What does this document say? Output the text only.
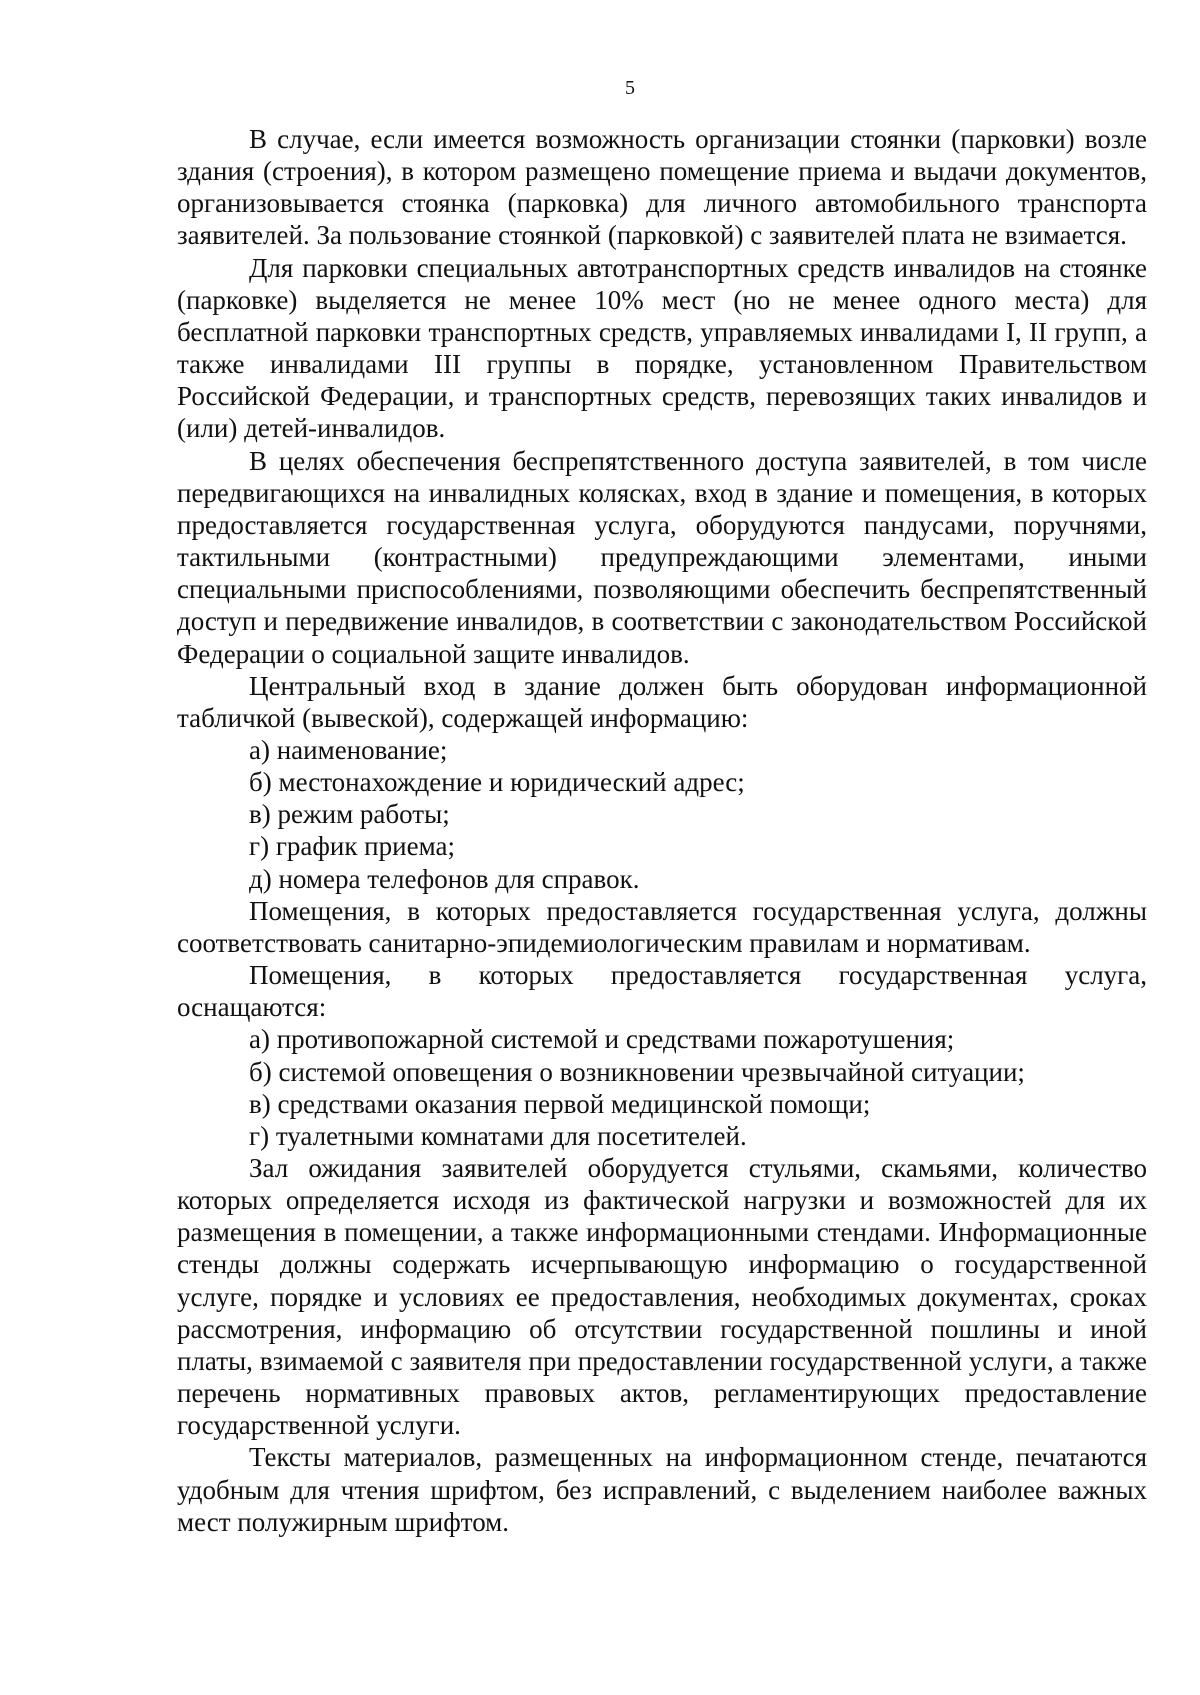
5

В случае, если имеется возможность организации стоянки (парковки) возле здания (строения), в котором размещено помещение приема и выдачи документов, организовывается стоянка (парковка) для личного автомобильного транспорта заявителей. За пользование стоянкой (парковкой) с заявителей плата не взимается.

Для парковки специальных автотранспортных средств инвалидов на стоянке (парковке) выделяется не менее 10% мест (но не менее одного места) для бесплатной парковки транспортных средств, управляемых инвалидами I, II групп, а также инвалидами III группы в порядке, установленном Правительством Российской Федерации, и транспортных средств, перевозящих таких инвалидов и (или) детей-инвалидов.

В целях обеспечения беспрепятственного доступа заявителей, в том числе передвигающихся на инвалидных колясках, вход в здание и помещения, в которых предоставляется государственная услуга, оборудуются пандусами, поручнями, тактильными (контрастными) предупреждающими элементами, иными специальными приспособлениями, позволяющими обеспечить беспрепятственный доступ и передвижение инвалидов, в соответствии с законодательством Российской Федерации о социальной защите инвалидов.

Центральный вход в здание должен быть оборудован информационной табличкой (вывеской), содержащей информацию:

а) наименование;

б) местонахождение и юридический адрес;

в) режим работы;

г) график приема;

д) номера телефонов для справок.

Помещения, в которых предоставляется государственная услуга, должны соответствовать санитарно-эпидемиологическим правилам и нормативам.

Помещения, в которых предоставляется государственная услуга, оснащаются:

а) противопожарной системой и средствами пожаротушения;

б) системой оповещения о возникновении чрезвычайной ситуации;

в) средствами оказания первой медицинской помощи;

г) туалетными комнатами для посетителей.

Зал ожидания заявителей оборудуется стульями, скамьями, количество которых определяется исходя из фактической нагрузки и возможностей для их размещения в помещении, а также информационными стендами. Информационные стенды должны содержать исчерпывающую информацию о государственной услуге, порядке и условиях ее предоставления, необходимых документах, сроках рассмотрения, информацию об отсутствии государственной пошлины и иной платы, взимаемой с заявителя при предоставлении государственной услуги, а также перечень нормативных правовых актов, регламентирующих предоставление государственной услуги.

Тексты материалов, размещенных на информационном стенде, печатаются удобным для чтения шрифтом, без исправлений, с выделением наиболее важных мест полужирным шрифтом.
